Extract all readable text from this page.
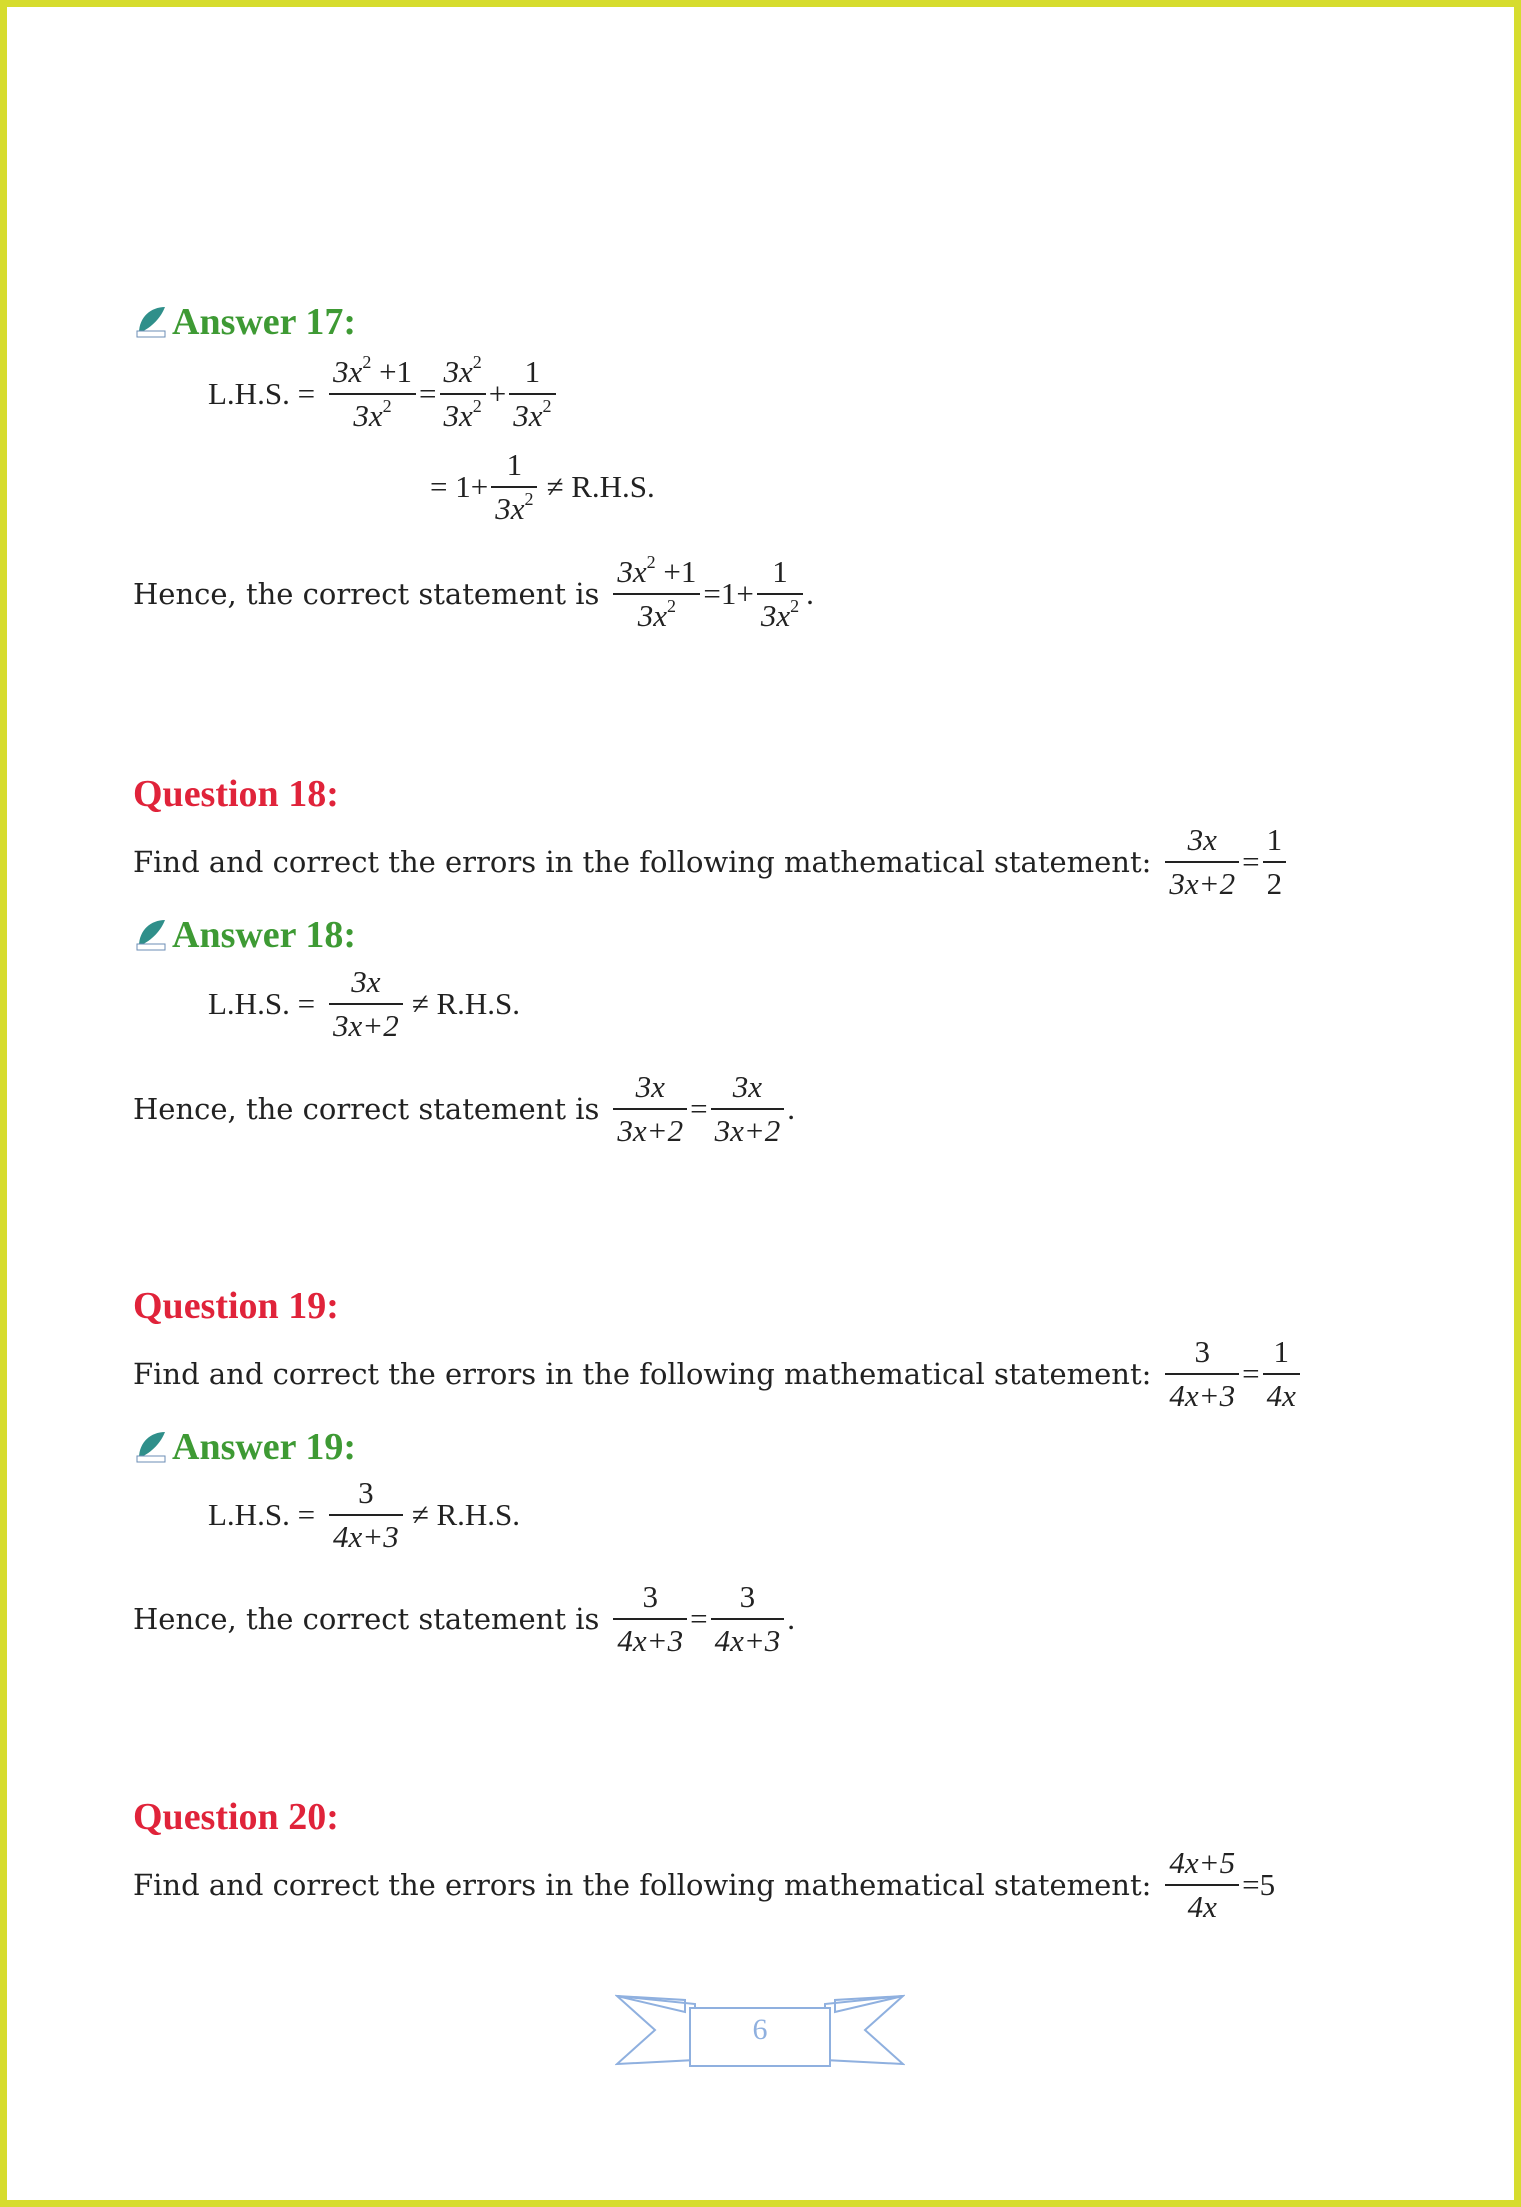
Answer 17:
L.H.S. = $\frac{3x^2 +1}{3x^2} = \frac{3x^2}{3x^2} + \frac{1}{3x^2}$
= $1+ \frac{1}{3x^2} \ne R.H.S$.
Hence, the correct statement is $\frac{3x^2 +1}{3x^2} =1+ \frac{1}{3x^2}$ .
Question 18:
Find and correct the errors in the following mathematical statement: $\frac{3x}{3x+2} = \frac{1}{2}$
Answer 18:
L.H.S. = $\frac{3x}{3x+2} \ne R.H.S$.
Hence, the correct statement is $\frac{3x}{3x+2} = \frac{3x}{3x+2}$ .
Question 19:
Find and correct the errors in the following mathematical statement: $\frac{3}{4x+3} = \frac{1}{4x}$
Answer 19:
L.H.S. = $\frac{3}{4x+3} \ne R.H.S$.
Hence, the correct statement is $\frac{3}{4x+3} = \frac{3}{4x+3}$ .
Question 20:
Find and correct the errors in the following mathematical statement: $\frac{4x+5}{4x} =5$
6
